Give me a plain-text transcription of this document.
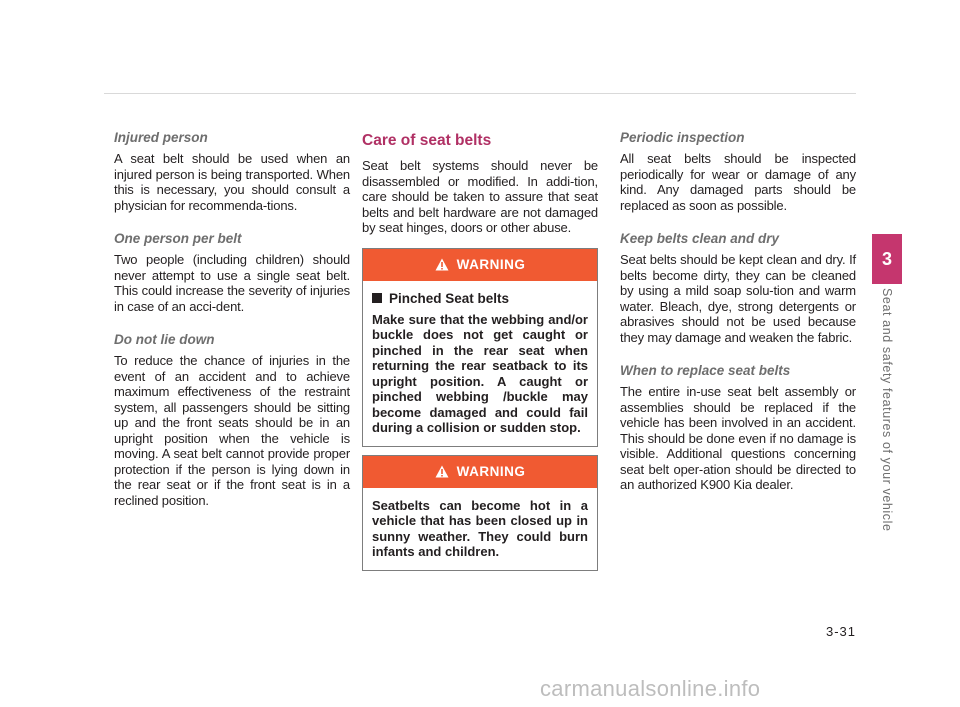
Injured person

A seat belt should be used when an injured person is being transported. When this is necessary, you should consult a physician for recommenda-tions.

One person per belt

Two people (including children) should never attempt to use a single seat belt. This could increase the severity of injuries in case of an acci-dent.

Do not lie down

To reduce the chance of injuries in the event of an accident and to achieve maximum effectiveness of the restraint system, all passengers should be sitting up and the front seats should be in an upright position when the vehicle is moving. A seat belt cannot provide proper protection if the person is lying down in the rear seat or if the front seat is in a reclined position.

Care of seat belts

Seat belt systems should never be disassembled or modified. In addi-tion, care should be taken to assure that seat belts and belt hardware are not damaged by seat hinges, doors or other abuse.

WARNING
Pinched Seat belts

Make sure that the webbing and/or buckle does not get caught or pinched in the rear seat when returning the rear seatback to its upright position. A caught or pinched webbing /buckle may become damaged and could fail during a collision or sudden stop.

WARNING

Seatbelts can become hot in a vehicle that has been closed up in sunny weather. They could burn infants and children.

Periodic inspection

All seat belts should be inspected periodically for wear or damage of any kind. Any damaged parts should be replaced as soon as possible.

Keep belts clean and dry

Seat belts should be kept clean and dry. If belts become dirty, they can be cleaned by using a mild soap solu-tion and warm water. Bleach, dye, strong detergents or abrasives should not be used because they may damage and weaken the fabric.

When to replace seat belts

The entire in-use seat belt assembly or assemblies should be replaced if the vehicle has been involved in an accident. This should be done even if no damage is visible. Additional questions concerning seat belt oper-ation should be directed to an authorized K900 Kia dealer.

3
Seat and safety features of your vehicle
3-31
carmanualsonline.info
